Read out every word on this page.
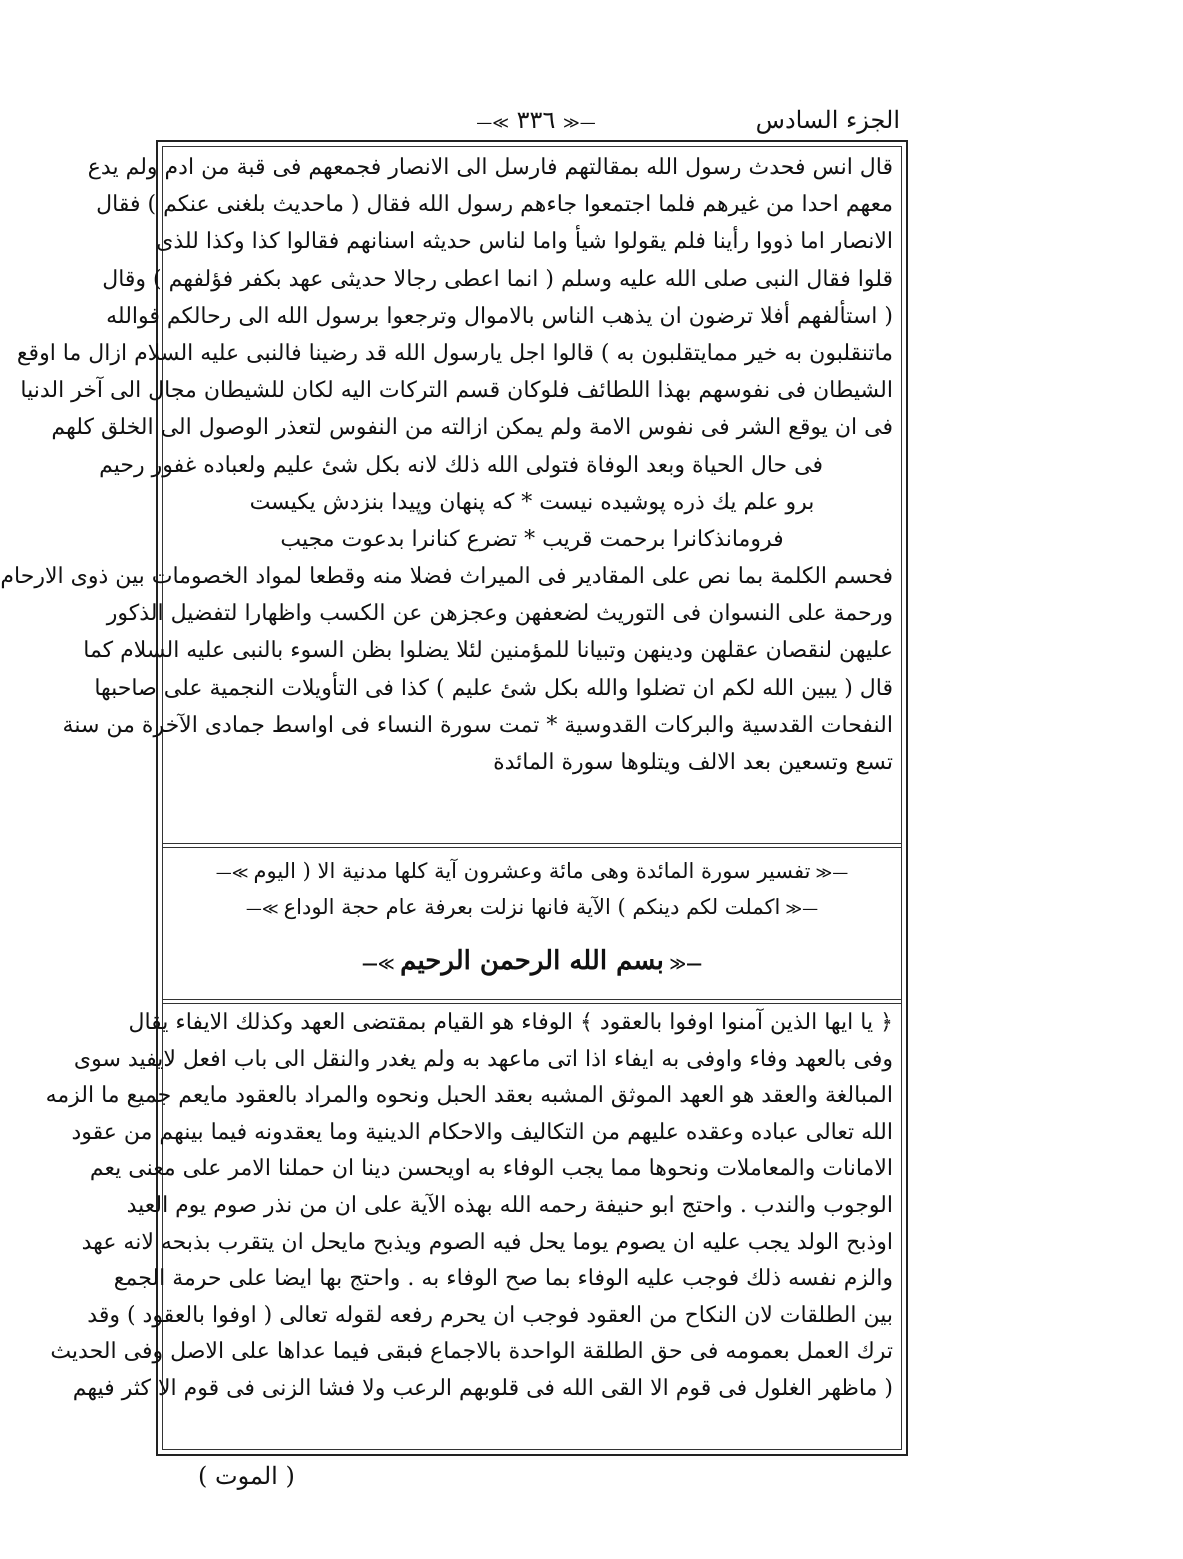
الجزء السادس
—≪ ٣٣٦ ≫—
قال انس فحدث رسول الله بمقالتهم فارسل الى الانصار فجمعهم فى قبة من ادم ولم يدع
معهم احدا من غيرهم فلما اجتمعوا جاءهم رسول الله فقال ( ماحديث بلغنى عنكم ) فقال
الانصار اما ذووا رأينا فلم يقولوا شيأ واما لناس حديثه اسنانهم فقالوا كذا وكذا للذى
قلوا فقال النبى صلى الله عليه وسلم ( انما اعطى رجالا حديثى عهد بكفر فؤلفهم ) وقال
( استألفهم أفلا ترضون ان يذهب الناس بالاموال وترجعوا برسول الله الى رحالكم فوالله
ماتنقلبون به خير ممايتقلبون به ) قالوا اجل يارسول الله قد رضينا فالنبى عليه السلام ازال ما اوقع
الشيطان فى نفوسهم بهذا اللطائف فلوكان قسم التركات اليه لكان للشيطان مجال الى آخر الدنيا
فى ان يوقع الشر فى نفوس الامة ولم يمكن ازالته من النفوس لتعذر الوصول الى الخلق كلهم
فى حال الحياة وبعد الوفاة فتولى الله ذلك لانه بكل شئ عليم ولعباده غفور رحيم
برو علم يك ذره پوشيده نيست * كه پنهان وپيدا بنزدش يكيست
فرومانذكانرا برحمت قريب * تضرع كنانرا بدعوت مجيب
فحسم الكلمة بما نص على المقادير فى الميراث فضلا منه وقطعا لمواد الخصومات بين ذوى الارحام
ورحمة على النسوان فى التوريث لضعفهن وعجزهن عن الكسب واظهارا لتفضيل الذكور
عليهن لنقصان عقلهن ودينهن وتبيانا للمؤمنين لئلا يضلوا بظن السوء بالنبى عليه السلام كما
قال ( يبين الله لكم ان تضلوا والله بكل شئ عليم ) كذا فى التأويلات النجمية على صاحبها
النفحات القدسية والبركات القدوسية * تمت سورة النساء فى اواسط جمادى الآخرة من سنة
تسع وتسعين بعد الالف ويتلوها سورة المائدة
—≪ تفسير سورة المائدة وهى مائة وعشرون آية كلها مدنية الا ( اليوم ≫—
—≪ اكملت لكم دينكم ) الآية فانها نزلت بعرفة عام حجة الوداع ≫—
—≪ بسم الله الرحمن الرحيم ≫—
﴿ يا ايها الذين آمنوا اوفوا بالعقود ﴾ الوفاء هو القيام بمقتضى العهد وكذلك الايفاء يقال
وفى بالعهد وفاء واوفى به ايفاء اذا اتى ماعهد به ولم يغدر والنقل الى باب افعل لايفيد سوى
المبالغة والعقد هو العهد الموثق المشبه بعقد الحبل ونحوه والمراد بالعقود مايعم جميع ما الزمه
الله تعالى عباده وعقده عليهم من التكاليف والاحكام الدينية وما يعقدونه فيما بينهم من عقود
الامانات والمعاملات ونحوها مما يجب الوفاء به اويحسن دينا ان حملنا الامر على معنى يعم
الوجوب والندب . واحتج ابو حنيفة رحمه الله بهذه الآية على ان من نذر صوم يوم العيد
اوذبح الولد يجب عليه ان يصوم يوما يحل فيه الصوم ويذبح مايحل ان يتقرب بذبحه لانه عهد
والزم نفسه ذلك فوجب عليه الوفاء بما صح الوفاء به . واحتج بها ايضا على حرمة الجمع
بين الطلقات لان النكاح من العقود فوجب ان يحرم رفعه لقوله تعالى ( اوفوا بالعقود ) وقد
ترك العمل بعمومه فى حق الطلقة الواحدة بالاجماع فبقى فيما عداها على الاصل وفى الحديث
( ماظهر الغلول فى قوم الا القى الله فى قلوبهم الرعب ولا فشا الزنى فى قوم الا كثر فيهم
( الموت )
